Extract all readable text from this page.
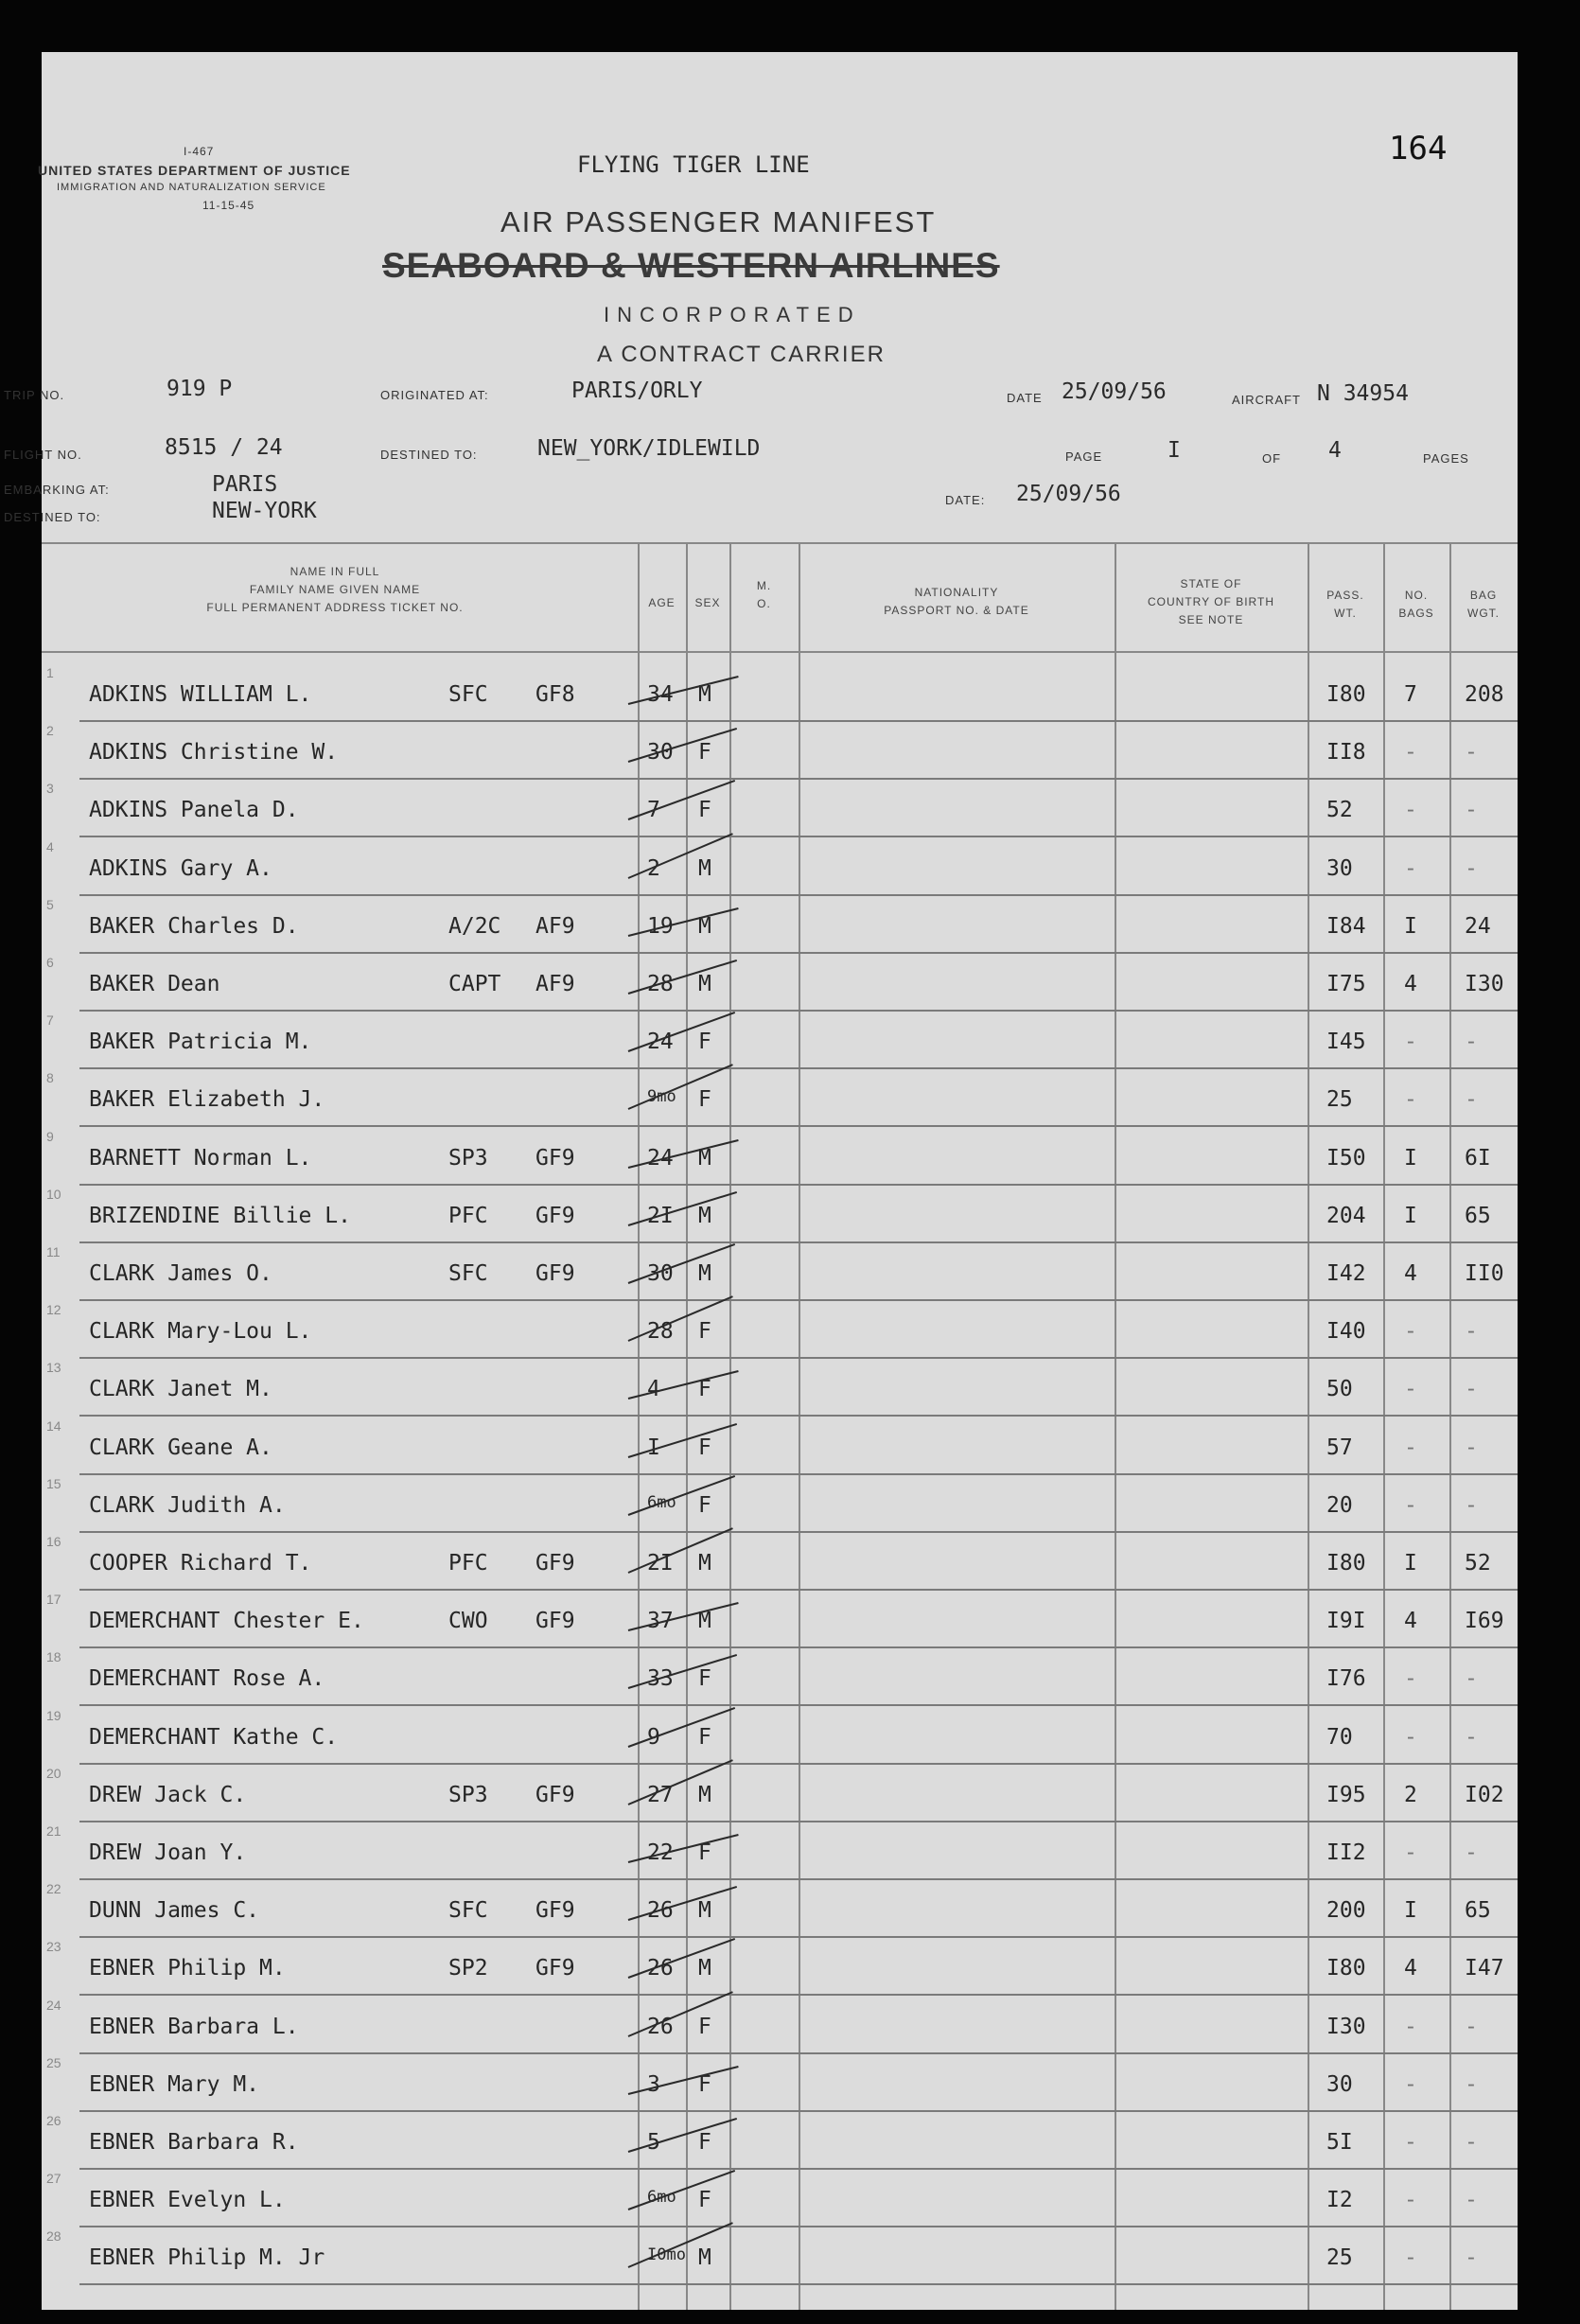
I-467
UNITED STATES DEPARTMENT OF JUSTICE
IMMIGRATION AND NATURALIZATION SERVICE
11-15-45
FLYING TIGER LINE
AIR PASSENGER MANIFEST
SEABOARD & WESTERN AIRLINES
INCORPORATED
A CONTRACT CARRIER
164
TRIP NO.	919 P	ORIGINATED AT:	PARIS/ORLY	DATE 25/09/56	AIRCRAFT N 34954
FLIGHT NO.	8515 / 24	DESTINED TO:	NEW_YORK/IDLEWILD	PAGE	I	OF 4	PAGES
EMBARKING AT:	PARIS
DESTINED TO:	NEW-YORK	DATE: 25/09/56
NAME IN FULL
FAMILY NAME GIVEN NAME
FULL PERMANENT ADDRESS TICKET NO.	AGE	SEX
M.
O.
NATIONALITY
PASSPORT NO. & DATE
STATE OF
COUNTRY OF BIRTH
SEE NOTE
PASS.
WT.
NO.
BAGS
BAG
WGT.
1
ADKINS WILLIAM L.	SFC GF8	34 M	I80 7 208
2
ADKINS Christine W.	30 F	II8 - -
3
ADKINS Panela D.	7 F	52 - -
4
ADKINS Gary A.	2 M	30 - -
5
BAKER Charles D.	A/2C AF9	19 M	I84 I 24
6
BAKER Dean	CAPT AF9	28 M	I75 4 I30
7
BAKER Patricia M.	24 F	I45 - -
8
BAKER Elizabeth J.	9mo F	25 - -
9
BARNETT Norman L.	SP3 GF9	24 M	I50 I 6I
10
BRIZENDINE Billie L.	PFC GF9	2I M	204 I 65
11
CLARK James O.	SFC GF9	30 M	I42 4 II0
12
CLARK Mary-Lou L.	28 F	I40 - -
13
CLARK Janet M.	4 F	50 - -
14
CLARK Geane A.	I F	57 - -
15
CLARK Judith A.	6mo F	20 - -
16
COOPER Richard T.	PFC GF9	2I M	I80 I 52
17
DEMERCHANT Chester E.	CWO GF9	37 M	I9I 4 I69
18
DEMERCHANT Rose A.	33 F	I76 - -
19
DEMERCHANT Kathe C.	9 F	70 - -
20
DREW Jack C.	SP3 GF9	27 M	I95 2 I02
21
DREW Joan Y.	22 F	II2 - -
22
DUNN James C.	SFC GF9	26 M	200 I 65
23
EBNER Philip M.	SP2 GF9	26 M	I80 4 I47
24
EBNER Barbara L.	26 F	I30 - -
25
EBNER Mary M.	3 F	30 - -
26
EBNER Barbara R.	5 F	5I - -
27
EBNER Evelyn L.	6mo F	I2 - -
28
EBNER Philip M. Jr	I0mo M	25 - -
